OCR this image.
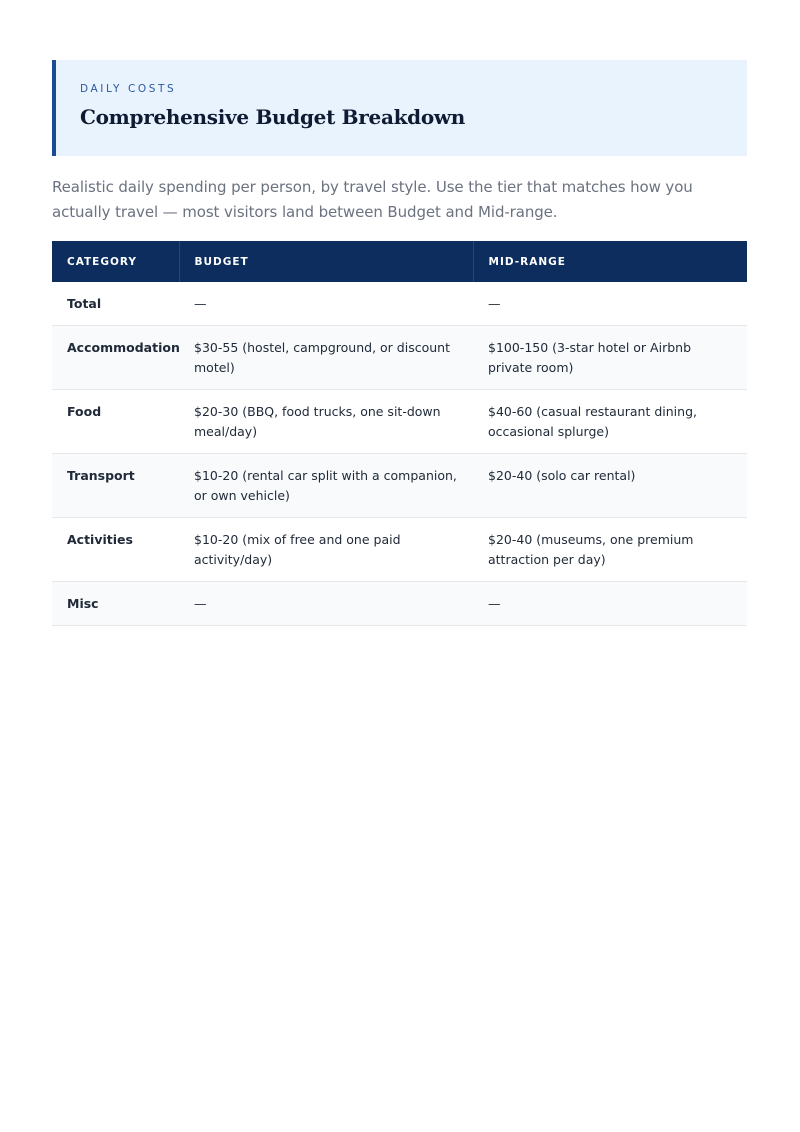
DAILY COSTS
Comprehensive Budget Breakdown
Realistic daily spending per person, by travel style. Use the tier that matches how you actually travel — most visitors land between Budget and Mid-range.
CATEGORY	BUDGET	MID-RANGE
Total	—	—
Accommodation	$30-55 (hostel, campground, or discount motel)	$100-150 (3-star hotel or Airbnb private room)
Food	$20-30 (BBQ, food trucks, one sit-down meal/day)	$40-60 (casual restaurant dining, occasional splurge)
Transport	$10-20 (rental car split with a companion, or own vehicle)	$20-40 (solo car rental)
Activities	$10-20 (mix of free and one paid activity/day)	$20-40 (museums, one premium attraction per day)
Misc	—	—
